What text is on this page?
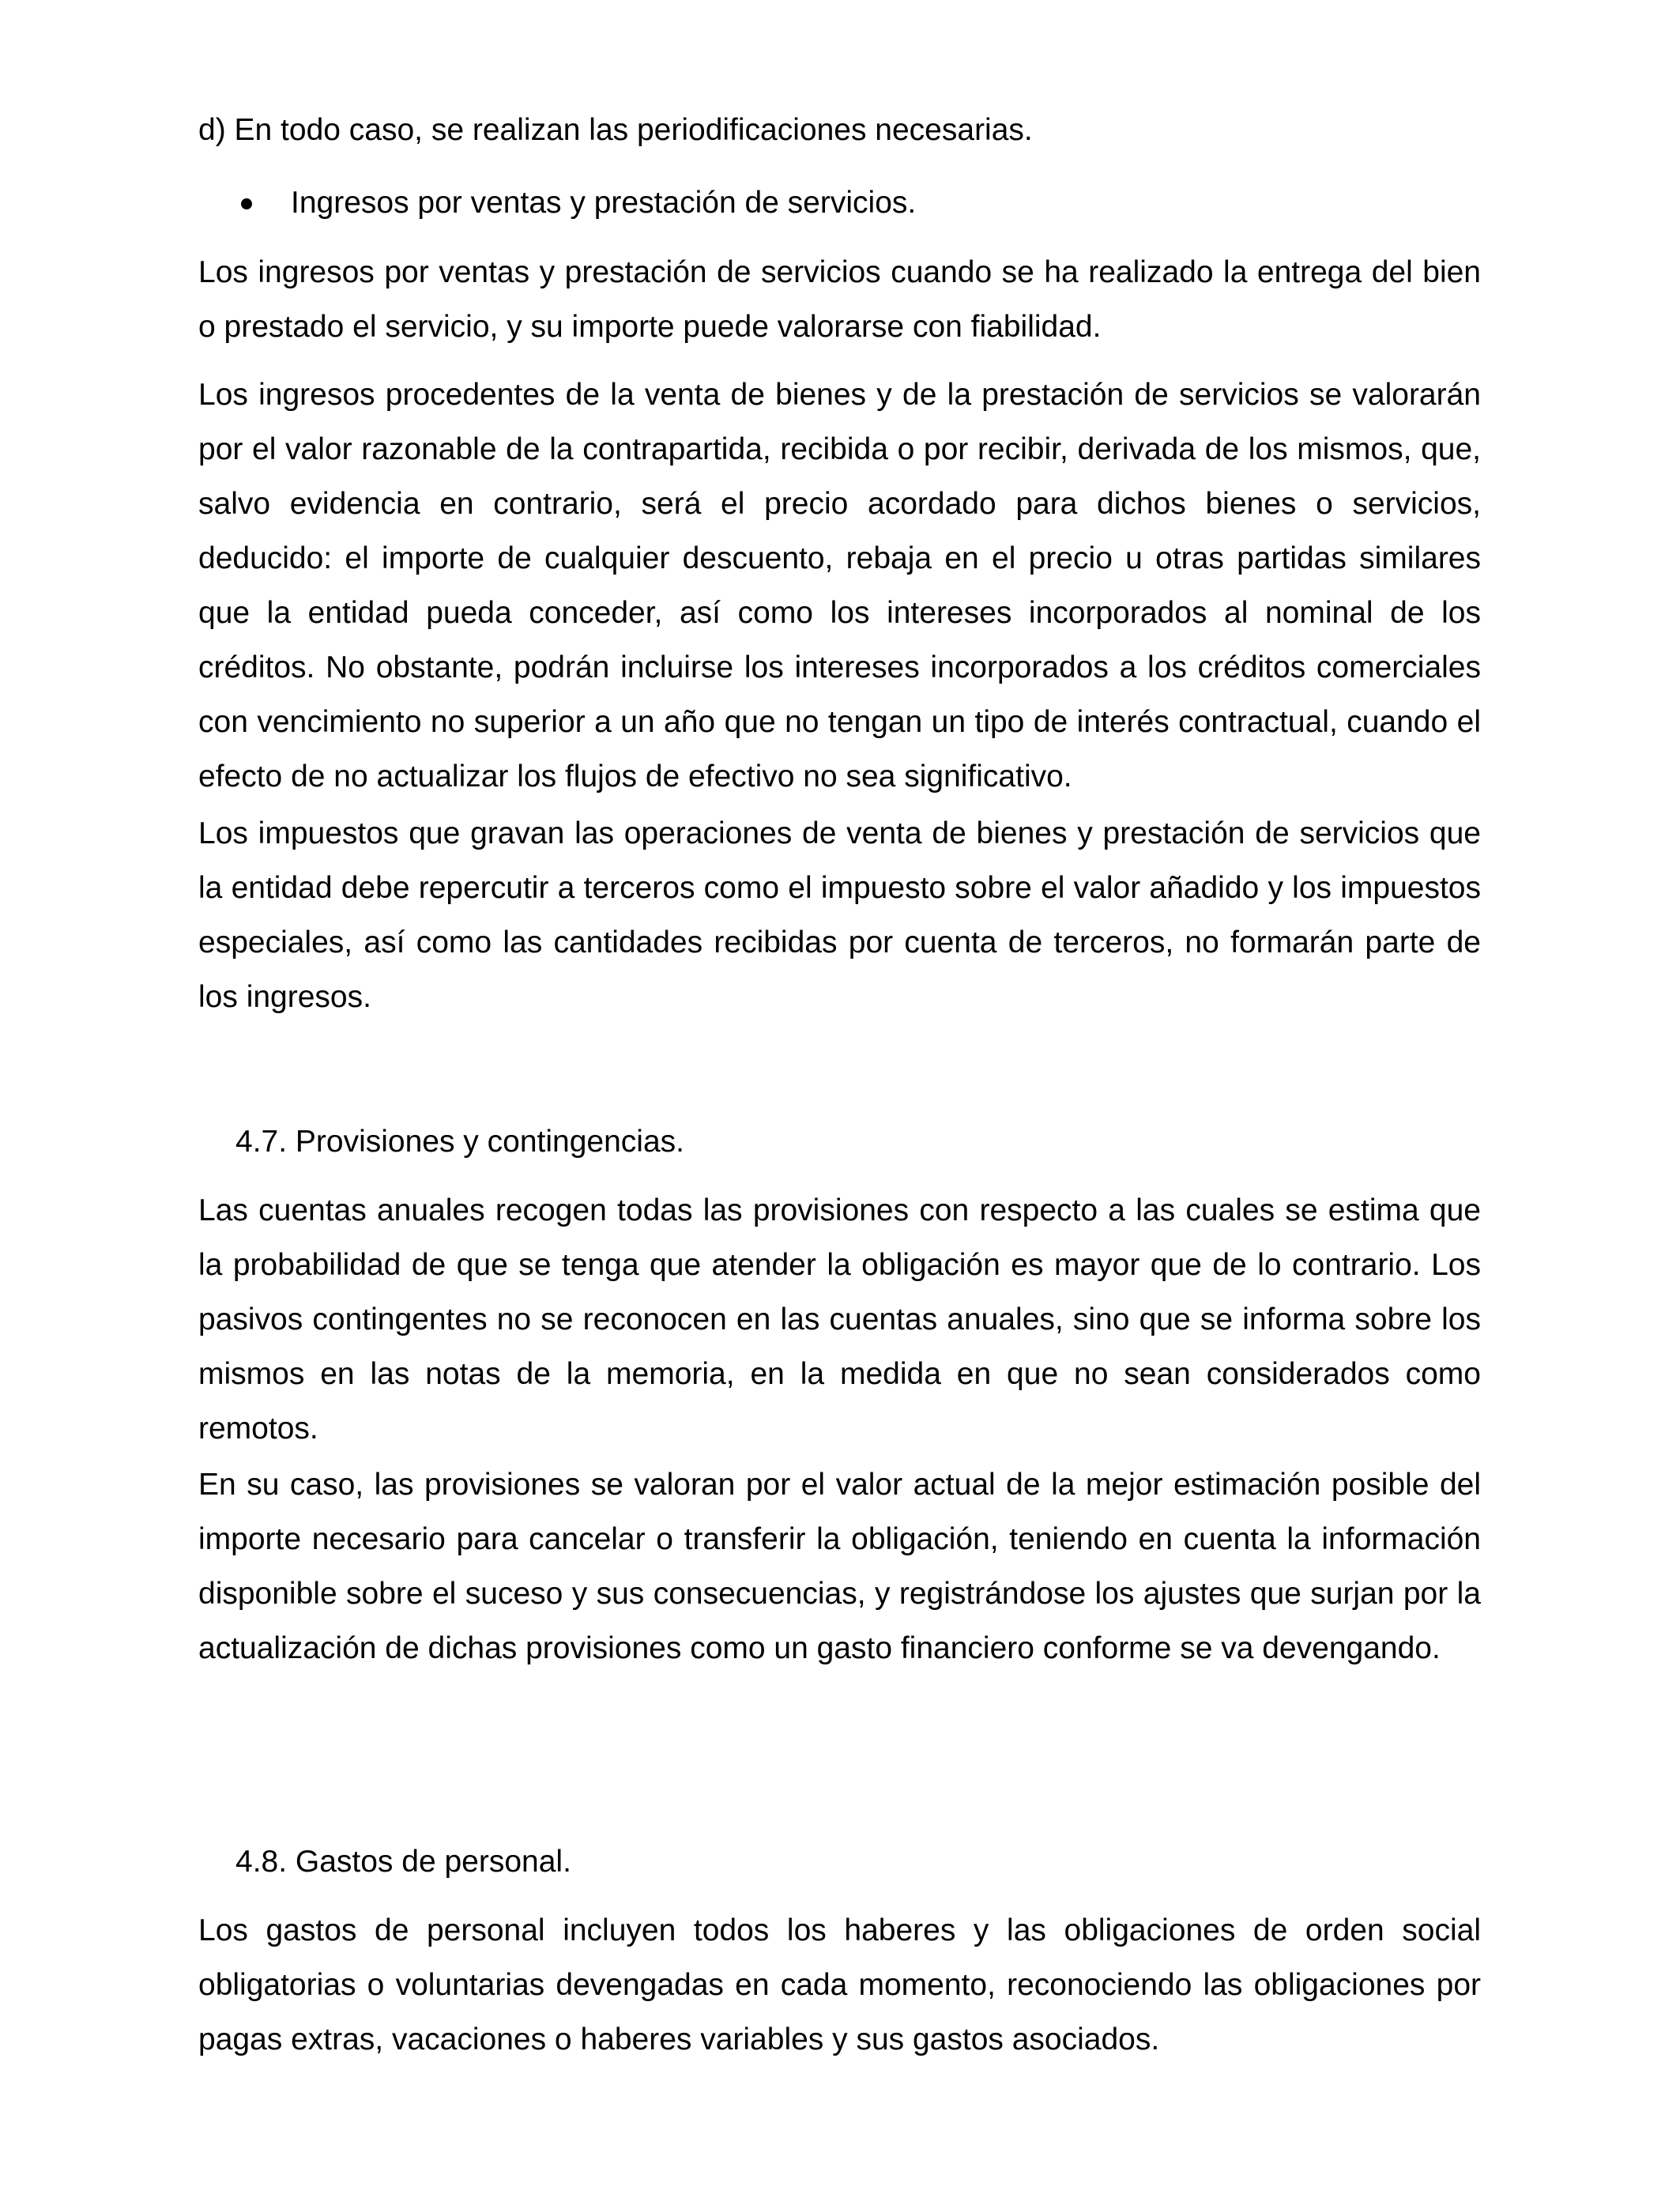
d) En todo caso, se realizan las periodificaciones necesarias.

Ingresos por ventas y prestación de servicios.

Los ingresos por ventas y prestación de servicios cuando se ha realizado la entrega del bien o prestado el servicio, y su importe puede valorarse con fiabilidad.

Los ingresos procedentes de la venta de bienes y de la prestación de servicios se valorarán por el valor razonable de la contrapartida, recibida o por recibir, derivada de los mismos, que, salvo evidencia en contrario, será el precio acordado para dichos bienes o servicios, deducido: el importe de cualquier descuento, rebaja en el precio u otras partidas similares que la entidad pueda conceder, así como los intereses incorporados al nominal de los créditos. No obstante, podrán incluirse los intereses incorporados a los créditos comerciales con vencimiento no superior a un año que no tengan un tipo de interés contractual, cuando el efecto de no actualizar los flujos de efectivo no sea significativo.

Los impuestos que gravan las operaciones de venta de bienes y prestación de servicios que la entidad debe repercutir a terceros como el impuesto sobre el valor añadido y los impuestos especiales, así como las cantidades recibidas por cuenta de terceros, no formarán parte de los ingresos.

4.7. Provisiones y contingencias.

Las cuentas anuales recogen todas las provisiones con respecto a las cuales se estima que la probabilidad de que se tenga que atender la obligación es mayor que de lo contrario. Los pasivos contingentes no se reconocen en las cuentas anuales, sino que se informa sobre los mismos en las notas de la memoria, en la medida en que no sean considerados como remotos.

En su caso, las provisiones se valoran por el valor actual de la mejor estimación posible del importe necesario para cancelar o transferir la obligación, teniendo en cuenta la información disponible sobre el suceso y sus consecuencias, y registrándose los ajustes que surjan por la actualización de dichas provisiones como un gasto financiero conforme se va devengando.

4.8. Gastos de personal.

Los gastos de personal incluyen todos los haberes y las obligaciones de orden social obligatorias o voluntarias devengadas en cada momento, reconociendo las obligaciones por pagas extras, vacaciones o haberes variables y sus gastos asociados.
